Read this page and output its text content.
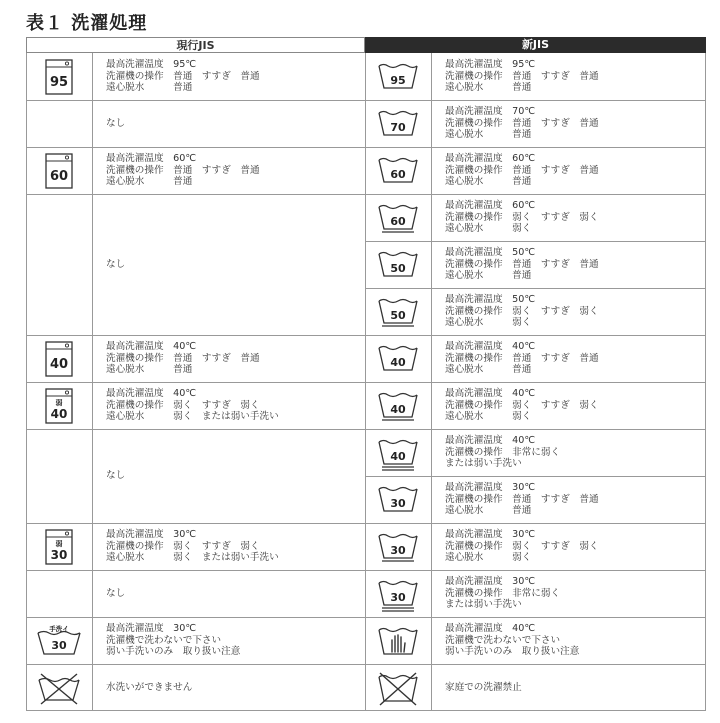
表１ 洗濯処理
現行JIS	新JIS
95
最高洗濯温度　95℃
洗濯機の操作　普通　すすぎ　普通
遠心脱水　　　普通
70
最高洗濯温度　70℃
洗濯機の操作　普通　すすぎ　普通
遠心脱水　　　普通
60
最高洗濯温度　60℃
洗濯機の操作　普通　すすぎ　普通
遠心脱水　　　普通
60
最高洗濯温度　60℃
洗濯機の操作　弱く　すすぎ　弱く
遠心脱水　　　弱く
50
最高洗濯温度　50℃
洗濯機の操作　普通　すすぎ　普通
遠心脱水　　　普通
50
最高洗濯温度　50℃
洗濯機の操作　弱く　すすぎ　弱く
遠心脱水　　　弱く
40
最高洗濯温度　40℃
洗濯機の操作　普通　すすぎ　普通
遠心脱水　　　普通
40
最高洗濯温度　40℃
洗濯機の操作　弱く　すすぎ　弱く
遠心脱水　　　弱く
40
最高洗濯温度　40℃
洗濯機の操作　非常に弱く
または弱い手洗い
30
最高洗濯温度　30℃
洗濯機の操作　普通　すすぎ　普通
遠心脱水　　　普通
30
最高洗濯温度　30℃
洗濯機の操作　弱く　すすぎ　弱く
遠心脱水　　　弱く
30
最高洗濯温度　30℃
洗濯機の操作　非常に弱く
または弱い手洗い
最高洗濯温度　40℃
洗濯機で洗わないで下さい
弱い手洗いのみ　取り扱い注意
家庭での洗濯禁止
95
最高洗濯温度　95℃
洗濯機の操作　普通　すすぎ　普通
遠心脱水　　　普通
なし
60
最高洗濯温度　60℃
洗濯機の操作　普通　すすぎ　普通
遠心脱水　　　普通
なし
40
最高洗濯温度　40℃
洗濯機の操作　普通　すすぎ　普通
遠心脱水　　　普通
弱
40
最高洗濯温度　40℃
洗濯機の操作　弱く　すすぎ　弱く
遠心脱水　　　弱く　または弱い手洗い
なし
弱
30
最高洗濯温度　30℃
洗濯機の操作　弱く　すすぎ　弱く
遠心脱水　　　弱く　または弱い手洗い
なし
手洗イ
30
最高洗濯温度　30℃
洗濯機で洗わないで下さい
弱い手洗いのみ　取り扱い注意
水洗いができません
